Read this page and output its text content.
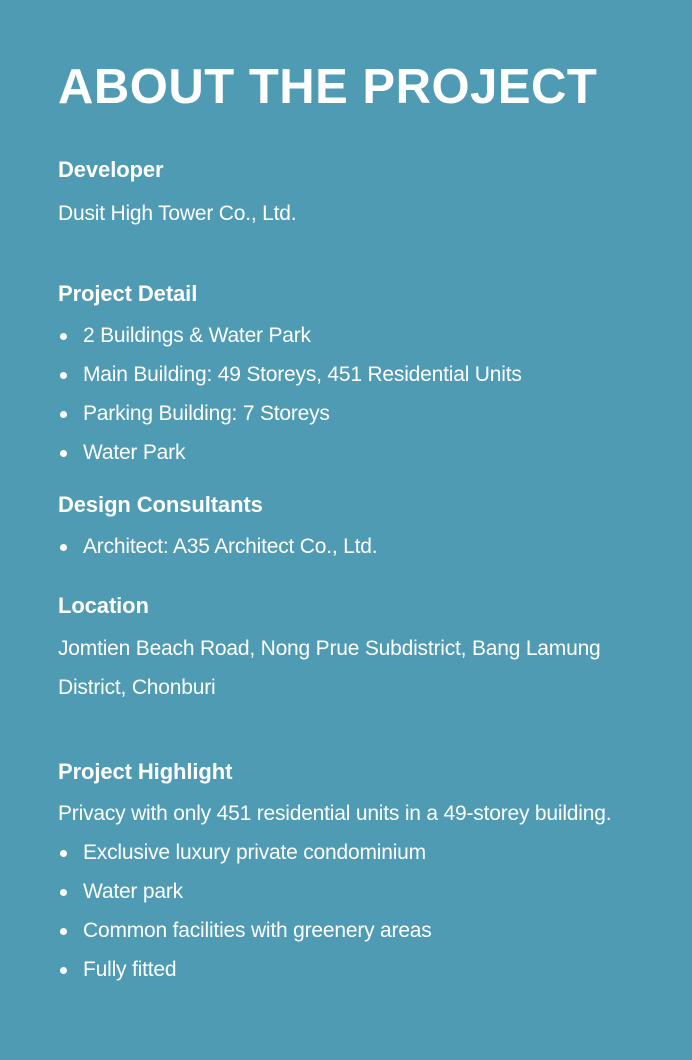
ABOUT THE PROJECT
Developer

Dusit High Tower Co., Ltd.

Project Detail
2 Buildings & Water Park
Main Building: 49 Storeys, 451 Residential Units
Parking Building: 7 Storeys
Water Park
Design Consultants
Architect: A35 Architect Co., Ltd.
Location

Jomtien Beach Road, Nong Prue Subdistrict, Bang Lamung District, Chonburi

Project Highlight

Privacy with only 451 residential units in a 49-storey building.

Exclusive luxury private condominium
Water park
Common facilities with greenery areas
Fully fitted
